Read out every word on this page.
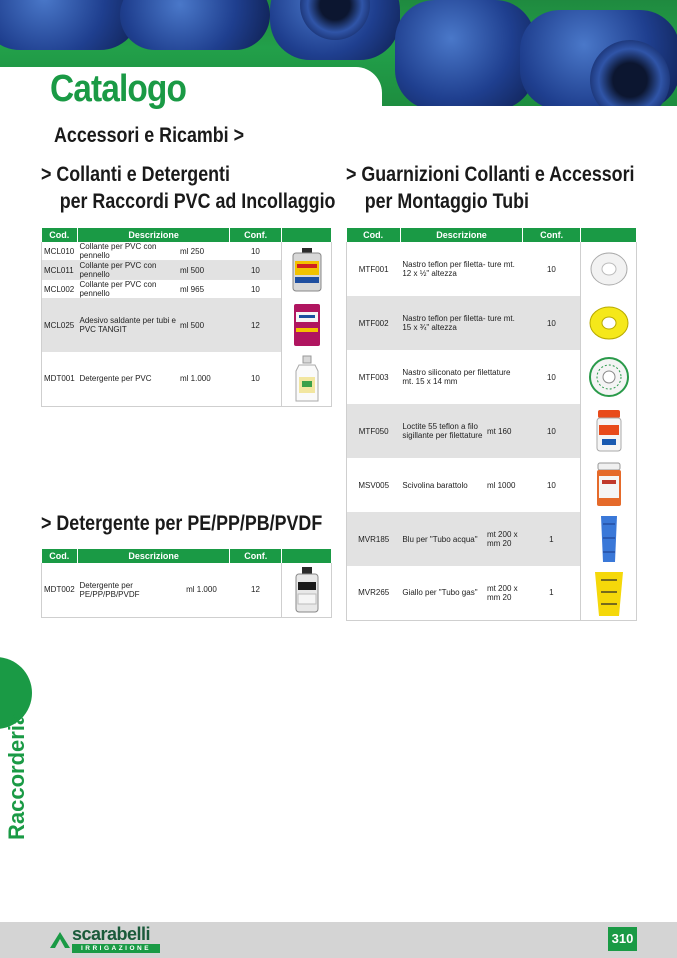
Catalogo
Accessori e Ricambi >
> Collanti e Detergenti
per Raccordi PVC ad Incollaggio
> Guarnizioni Collanti e Accessori
per Montaggio Tubi
> Detergente per PE/PP/PB/PVDF
Cod.	Descrizione		Conf.	
MCL010	Collante per PVC con pennello	ml 250	10	

MCL011	Collante per PVC con pennello	ml 500	10	
MCL002	Collante per PVC con pennello	ml 965	10	
MCL025	Adesivo saldante per tubi e PVC TANGIT	ml 500	12	

MDT001	Detergente per PVC	ml 1.000	10	
Cod.	Descrizione		Conf.	
MDT002	Detergente per PE/PP/PB/PVDF	ml 1.000	12	
Cod.	Descrizione		Conf.	
MTF001	Nastro teflon per filetta- ture mt. 12 x ½" altezza		10	

MTF002	Nastro teflon per filetta- ture mt. 15 x ¾" altezza		10	

MTF003	Nastro siliconato per filettature mt. 15 x 14 mm		10	

MTF050	Loctite 55 teflon a filo sigillante per filettature	mt 160	10	

MSV005	Scivolina barattolo	ml 1000	10	

MVR185	Blu per "Tubo acqua"	mt 200 x mm 20	1	

MVR265	Giallo per "Tubo gas"	mt 200 x mm 20	1	
Raccorderia
scarabelli
IRRIGAZIONE
310
